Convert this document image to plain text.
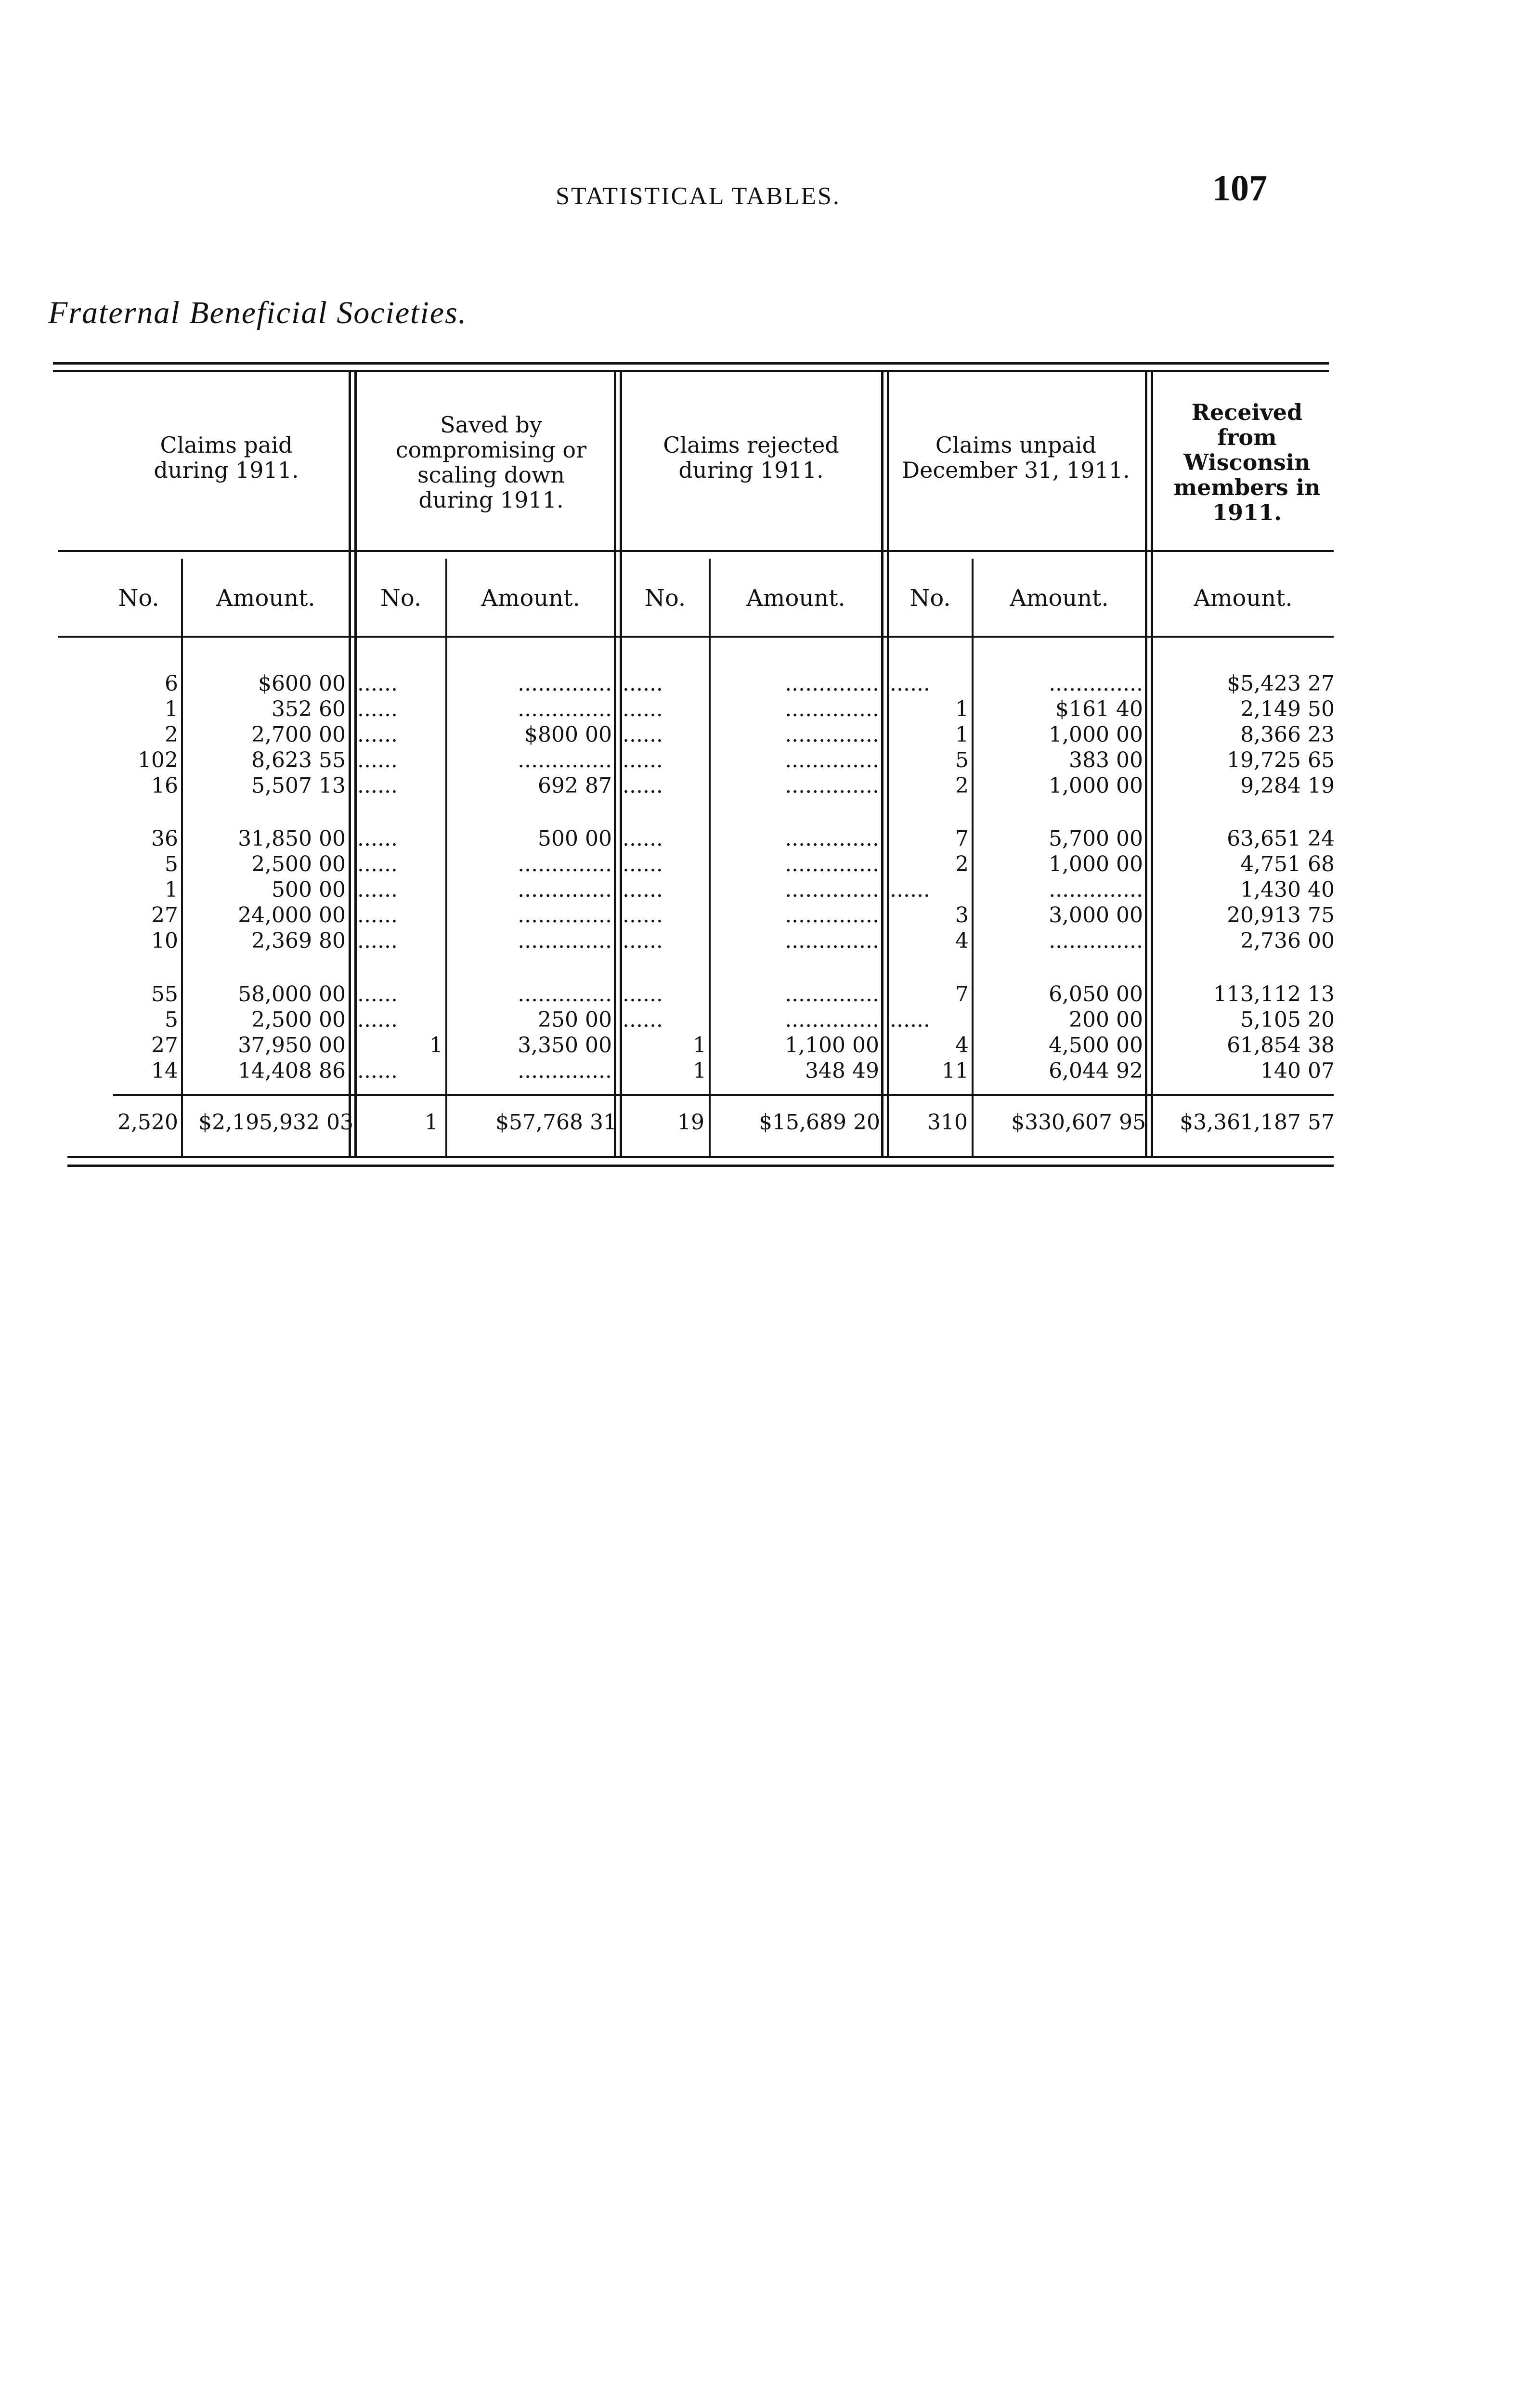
STATISTICAL TABLES.	107
Fraternal Beneficial Societies.
Claims paid during 1911.
Saved by compromising or scaling down during 1911.
Claims rejected during 1911.
Claims unpaid December 31, 1911.
Received from Wisconsin members in 1911.
No.	Amount.	No.	Amount.	No.	Amount.	No.	Amount.	Amount.
6	$600 00 ......	.............. ......	.............. ......	..............	$5,423 27
1	352 60 ......	.............. ......	..............	1	$161 40	2,149 50
2	2,700 00 ......	$800 00 ......	..............	1	1,000 00	8,366 23
102	8,623 55 ......	.............. ......	..............	5	383 00	19,725 65
16	5,507 13 ......	692 87 ......	..............	2	1,000 00	9,284 19
36	31,850 00 ......	500 00 ......	..............	7	5,700 00	63,651 24
5	2,500 00 ......	.............. ......	..............	2	1,000 00	4,751 68
1	500 00 ......	.............. ......	.............. ......	..............	1,430 40
27	24,000 00 ......	.............. ......	..............	3	3,000 00	20,913 75
10	2,369 80 ......	.............. ......	..............	4	..............	2,736 00
55	58,000 00 ......	.............. ......	..............	7	6,050 00	113,112 13
5	2,500 00 ......	250 00 ......	.............. ......	200 00	5,105 20
27	37,950 00	1	3,350 00	1	1,100 00	4	4,500 00	61,854 38
14	14,408 86 ......	..............	1	348 49	11	6,044 92	140 07
2,520 $2,195,932 03	1	$57,768 31	19	$15,689 20	310	$330,607 95	$3,361,187 57
